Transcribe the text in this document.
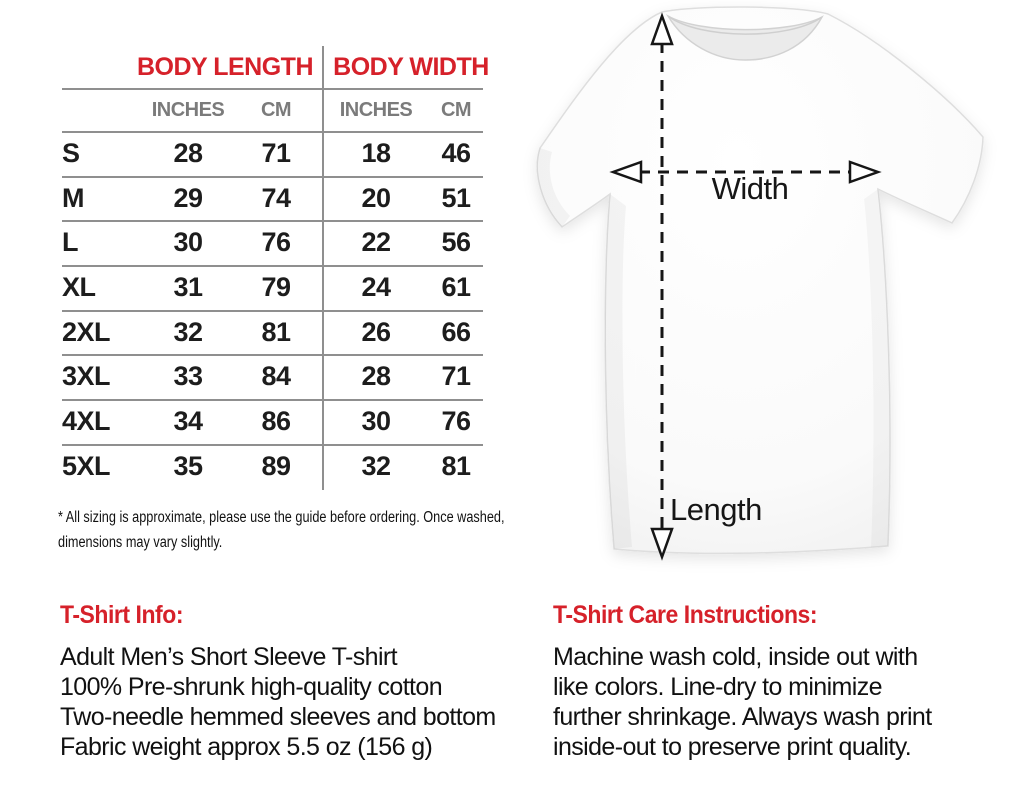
BODY LENGTH BODY WIDTH
INCHES	CM	INCHES	CM
S	28	71	18	46
M	29	74	20	51
L	30	76	22	56
XL	31	79	24	61
2XL	32	81	26	66
3XL	33	84	28	71
4XL	34	86	30	76
5XL	35	89	32	81
* All sizing is approximate, please use the guide before ordering. Once washed,
dimensions may vary slightly.
Width
Length
T-Shirt Info:
Adult Men’s Short Sleeve T-shirt
100% Pre-shrunk high-quality cotton
Two-needle hemmed sleeves and bottom
Fabric weight approx 5.5 oz (156 g)
T-Shirt Care Instructions:
Machine wash cold, inside out with
like colors. Line-dry to minimize
further shrinkage. Always wash print
inside-out to preserve print quality.
